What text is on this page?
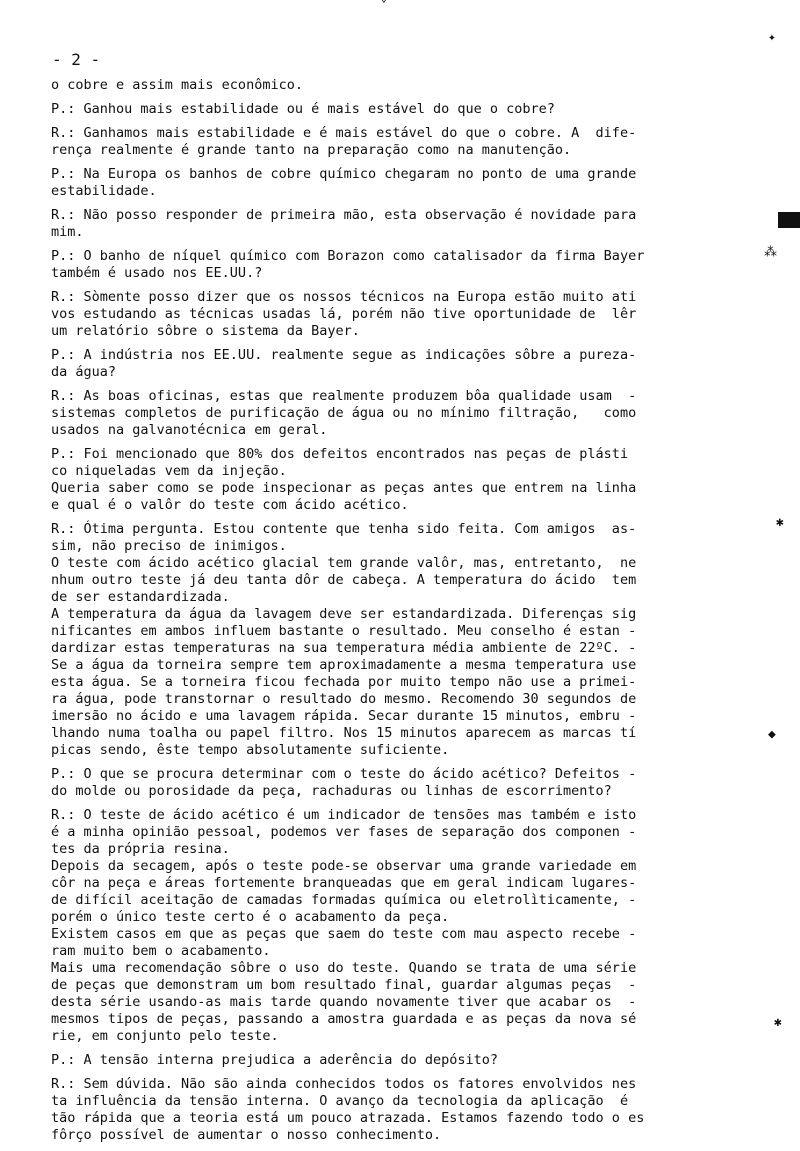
- 2 -
o cobre e assim mais econômico.
P.: Ganhou mais estabilidade ou é mais estável do que o cobre?
R.: Ganhamos mais estabilidade e é mais estável do que o cobre. A  dife-
rença realmente é grande tanto na preparação como na manutenção.
P.: Na Europa os banhos de cobre químico chegaram no ponto de uma grande
estabilidade.
R.: Não posso responder de primeira mão, esta observação é novidade para
mim.
P.: O banho de níquel químico com Borazon como catalisador da firma Bayer
também é usado nos EE.UU.?
R.: Sòmente posso dizer que os nossos técnicos na Europa estão muito ati
vos estudando as técnicas usadas lá, porém não tive oportunidade de  lêr
um relatório sôbre o sistema da Bayer.
P.: A indústria nos EE.UU. realmente segue as indicações sôbre a pureza-
da água?
R.: As boas oficinas, estas que realmente produzem bôa qualidade usam  -
sistemas completos de purificação de água ou no mínimo filtração,   como
usados na galvanotécnica em geral.
P.: Foi mencionado que 80% dos defeitos encontrados nas peças de plásti
co niqueladas vem da injeção.
Queria saber como se pode inspecionar as peças antes que entrem na linha
e qual é o valôr do teste com ácido acético.
R.: Ótima pergunta. Estou contente que tenha sido feita. Com amigos  as-
sim, não preciso de inimigos.
O teste com ácido acético glacial tem grande valôr, mas, entretanto,  ne
nhum outro teste já deu tanta dôr de cabeça. A temperatura do ácido  tem
de ser estandardizada.
A temperatura da água da lavagem deve ser estandardizada. Diferenças sig
nificantes em ambos influem bastante o resultado. Meu conselho é estan -
dardizar estas temperaturas na sua temperatura média ambiente de 22ºC. -
Se a água da torneira sempre tem aproximadamente a mesma temperatura use
esta água. Se a torneira ficou fechada por muito tempo não use a primei-
ra água, pode transtornar o resultado do mesmo. Recomendo 30 segundos de
imersão no ácido e uma lavagem rápida. Secar durante 15 minutos, embru -
lhando numa toalha ou papel filtro. Nos 15 minutos aparecem as marcas tí
picas sendo, êste tempo absolutamente suficiente.
P.: O que se procura determinar com o teste do ácido acético? Defeitos -
do molde ou porosidade da peça, rachaduras ou linhas de escorrimento?
R.: O teste de ácido acético é um indicador de tensões mas também e isto
é a minha opinião pessoal, podemos ver fases de separação dos componen -
tes da própria resina.
Depois da secagem, após o teste pode-se observar uma grande variedade em
côr na peça e áreas fortemente branqueadas que em geral indicam lugares-
de difícil aceitação de camadas formadas química ou eletrolìticamente, -
porém o único teste certo é o acabamento da peça.
Existem casos em que as peças que saem do teste com mau aspecto recebe -
ram muito bem o acabamento.
Mais uma recomendação sôbre o uso do teste. Quando se trata de uma série
de peças que demonstram um bom resultado final, guardar algumas peças  -
desta série usando-as mais tarde quando novamente tiver que acabar os  -
mesmos tipos de peças, passando a amostra guardada e as peças da nova sé
rie, em conjunto pelo teste.
P.: A tensão interna prejudica a aderência do depósito?
R.: Sem dúvida. Não são ainda conhecidos todos os fatores envolvidos nes
ta influência da tensão interna. O avanço da tecnologia da aplicação  é
tão rápida que a teoria está um pouco atrazada. Estamos fazendo todo o es
fôrço possível de aumentar o nosso conhecimento.
ˇ
✦
⁂
✱
◆
✱
